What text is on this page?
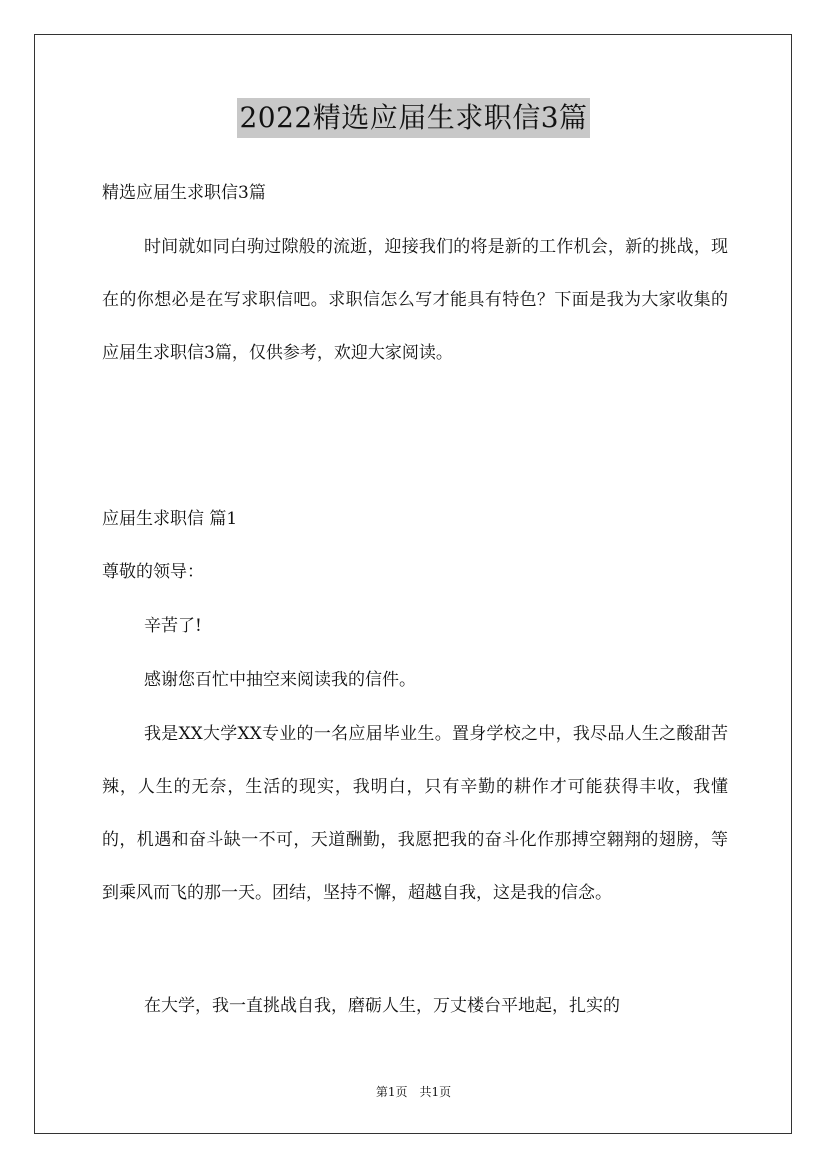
2022精选应届生求职信3篇

精选应届生求职信3篇

时间就如同白驹过隙般的流逝，迎接我们的将是新的工作机会，新的挑战，现在的你想必是在写求职信吧。求职信怎么写才能具有特色？下面是我为大家收集的应届生求职信3篇，仅供参考，欢迎大家阅读。

应届生求职信 篇1

尊敬的领导：

辛苦了!

感谢您百忙中抽空来阅读我的信件。

我是XX大学XX专业的一名应届毕业生。置身学校之中，我尽品人生之酸甜苦辣，人生的无奈，生活的现实，我明白，只有辛勤的耕作才可能获得丰收，我懂的，机遇和奋斗缺一不可，天道酬勤，我愿把我的奋斗化作那搏空翱翔的翅膀，等到乘风而飞的那一天。团结，坚持不懈，超越自我，这是我的信念。

在大学，我一直挑战自我，磨砺人生，万丈楼台平地起，扎实的

第1页　共1页
